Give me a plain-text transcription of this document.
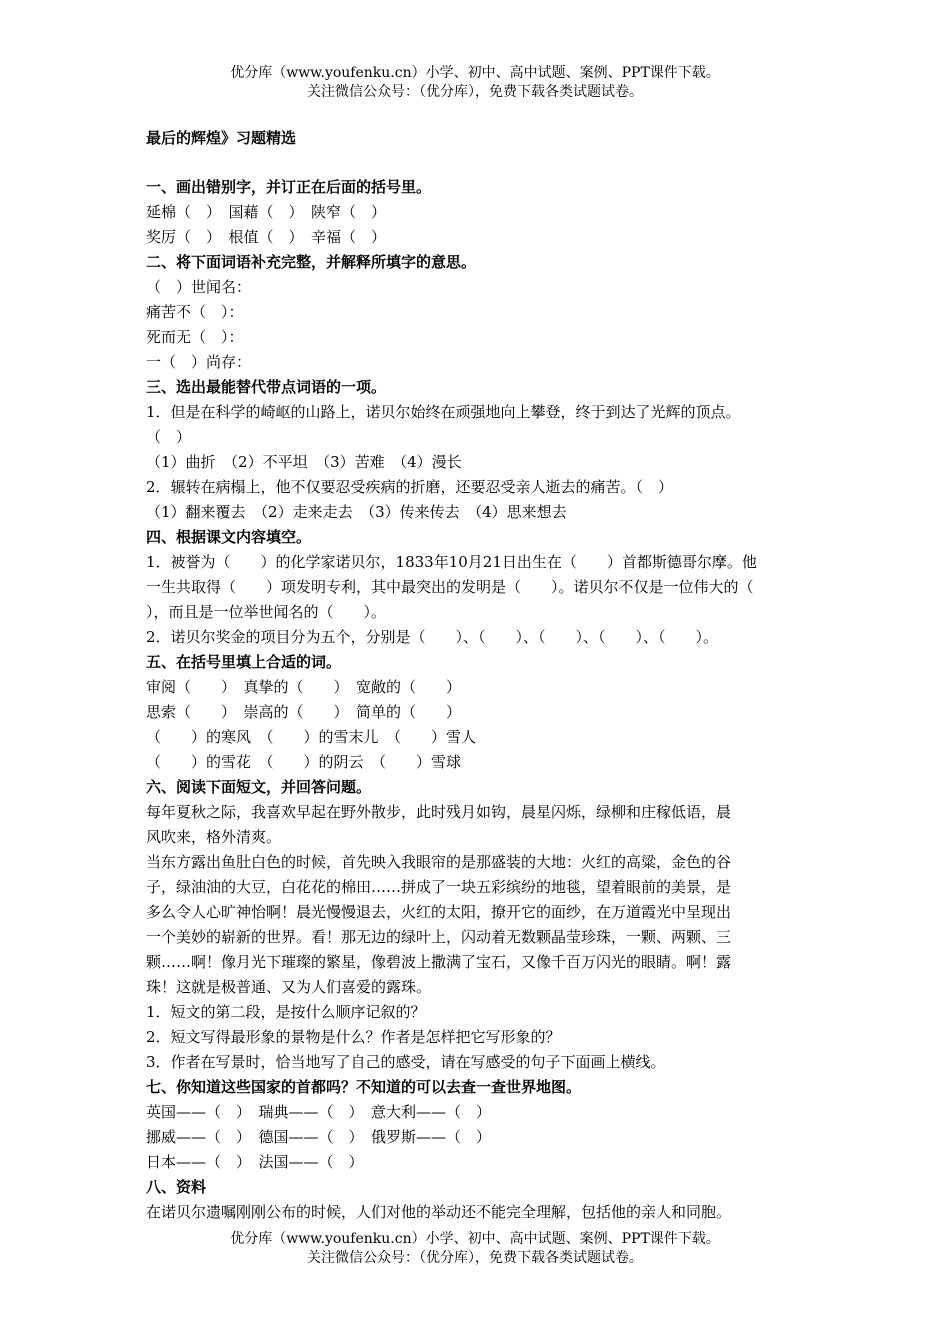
优分库（www.youfenku.cn）小学、初中、高中试题、案例、PPT课件下载。
关注微信公众号：（优分库），免费下载各类试题试卷。
最后的辉煌》习题精选
一、画出错别字，并订正在后面的括号里。
延棉（　）　国藉（　）　陕窄（　）
奖厉（　）　根值（　）　辛福（　）
二、将下面词语补充完整，并解释所填字的意思。
（　）世闻名：
痛苦不（　）：
死而无（　）：
一（　）尚存：
三、选出最能替代带点词语的一项。
1．但是在科学的崎岖的山路上，诺贝尔始终在顽强地向上攀登，终于到达了光辉的顶点。
（　）
（1）曲折　（2）不平坦　（3）苦难　（4）漫长
2．辗转在病榻上，他不仅要忍受疾病的折磨，还要忍受亲人逝去的痛苦。（　）
（1）翻来覆去　（2）走来走去　（3）传来传去　（4）思来想去
四、根据课文内容填空。
1．被誉为（　　）的化学家诺贝尔，1833年10月21日出生在（　　）首都斯德哥尔摩。他
一生共取得（　　）项发明专利，其中最突出的发明是（　　）。诺贝尔不仅是一位伟大的（
），而且是一位举世闻名的（　　）。
2．诺贝尔奖金的项目分为五个，分别是（　　）、（　　）、（　　）、（　　）、（　　）。
五、在括号里填上合适的词。
审阅（　　）　真挚的（　　）　宽敞的（　　）
思索（　　）　崇高的（　　）　简单的（　　）
（　　）的寒风　（　　）的雪末儿　（　　）雪人
（　　）的雪花　（　　）的阴云　（　　）雪球
六、阅读下面短文，并回答问题。
每年夏秋之际，我喜欢早起在野外散步，此时残月如钩，晨星闪烁，绿柳和庄稼低语，晨
风吹来，格外清爽。
当东方露出鱼肚白色的时候，首先映入我眼帘的是那盛装的大地：火红的高粱，金色的谷
子，绿油油的大豆，白花花的棉田……拼成了一块五彩缤纷的地毯，望着眼前的美景，是
多么令人心旷神怡啊！晨光慢慢退去，火红的太阳，撩开它的面纱，在万道霞光中呈现出
一个美妙的崭新的世界。看！那无边的绿叶上，闪动着无数颗晶莹珍珠，一颗、两颗、三
颗……啊！像月光下璀璨的繁星，像碧波上撒满了宝石，又像千百万闪光的眼睛。啊！露
珠！这就是极普通、又为人们喜爱的露珠。
1．短文的第二段，是按什么顺序记叙的？
2．短文写得最形象的景物是什么？作者是怎样把它写形象的？
3．作者在写景时，恰当地写了自己的感受，请在写感受的句子下面画上横线。
七、你知道这些国家的首都吗？不知道的可以去查一查世界地图。
英国——（　）　瑞典——（　）　意大利——（　）
挪威——（　）　德国——（　）　俄罗斯——（　）
日本——（　）　法国——（　）
八、资料
在诺贝尔遗嘱刚刚公布的时候，人们对他的举动还不能完全理解，包括他的亲人和同胞。
优分库（www.youfenku.cn）小学、初中、高中试题、案例、PPT课件下载。
关注微信公众号：（优分库），免费下载各类试题试卷。
